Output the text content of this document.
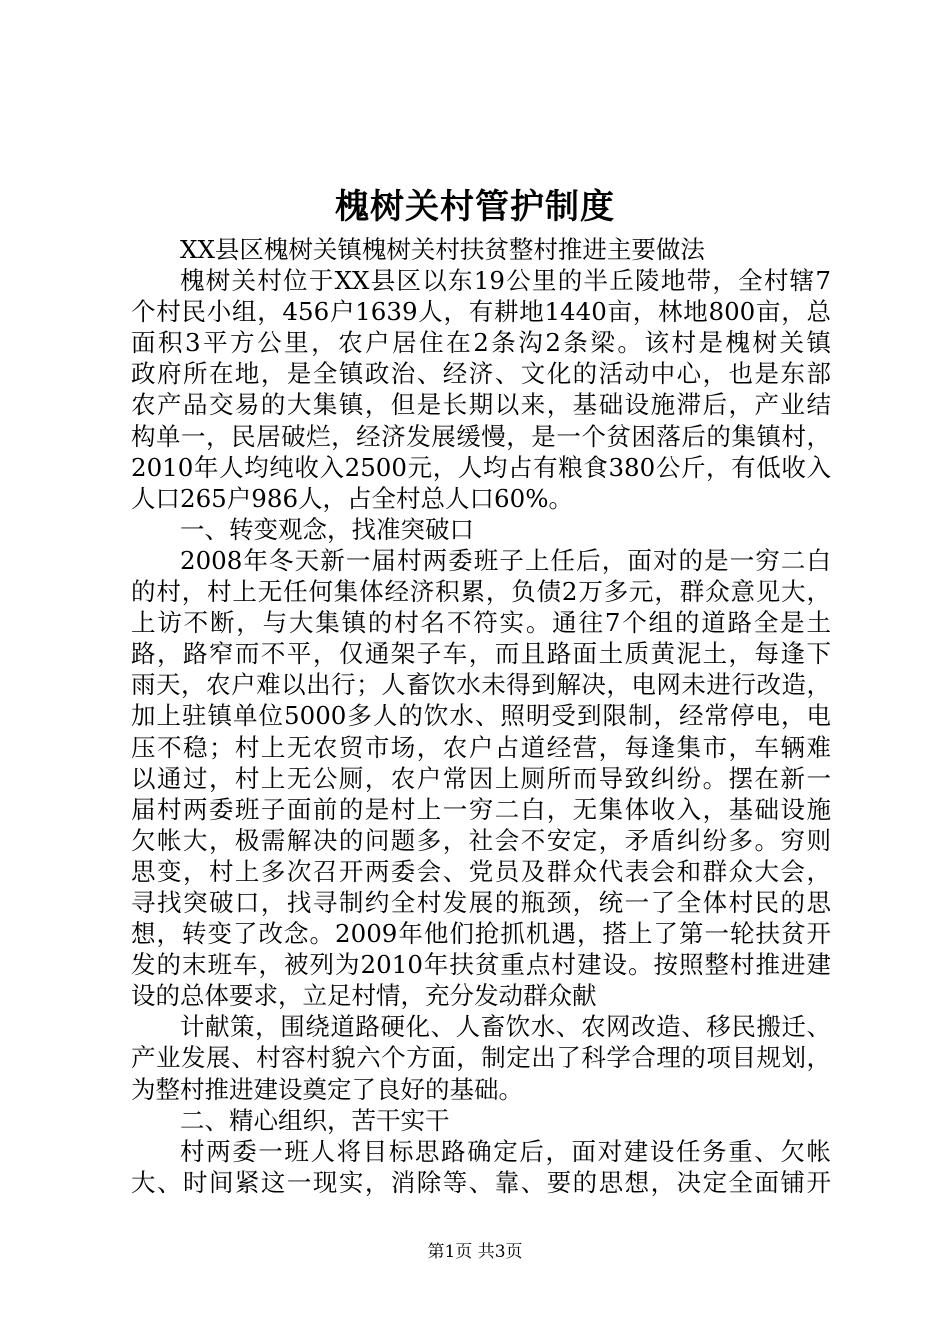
槐树关村管护制度
XX县区槐树关镇槐树关村扶贫整村推进主要做法
槐树关村位于XX县区以东19公里的半丘陵地带，全村辖7
个村民小组，456户1639人，有耕地1440亩，林地800亩，总
面积3平方公里，农户居住在2条沟2条梁。该村是槐树关镇
政府所在地，是全镇政治、经济、文化的活动中心，也是东部
农产品交易的大集镇，但是长期以来，基础设施滞后，产业结
构单一，民居破烂，经济发展缓慢，是一个贫困落后的集镇村，
2010年人均纯收入2500元，人均占有粮食380公斤，有低收入
人口265户986人，占全村总人口60%。
一、转变观念，找准突破口
2008年冬天新一届村两委班子上任后，面对的是一穷二白
的村，村上无任何集体经济积累，负债2万多元，群众意见大，
上访不断，与大集镇的村名不符实。通往7个组的道路全是土
路，路窄而不平，仅通架子车，而且路面土质黄泥土，每逢下
雨天，农户难以出行；人畜饮水未得到解决，电网未进行改造，
加上驻镇单位5000多人的饮水、照明受到限制，经常停电，电
压不稳；村上无农贸市场，农户占道经营，每逢集市，车辆难
以通过，村上无公厕，农户常因上厕所而导致纠纷。摆在新一
届村两委班子面前的是村上一穷二白，无集体收入，基础设施
欠帐大，极需解决的问题多，社会不安定，矛盾纠纷多。穷则
思变，村上多次召开两委会、党员及群众代表会和群众大会，
寻找突破口，找寻制约全村发展的瓶颈，统一了全体村民的思
想，转变了改念。2009年他们抢抓机遇，搭上了第一轮扶贫开
发的末班车，被列为2010年扶贫重点村建设。按照整村推进建
设的总体要求，立足村情，充分发动群众献
计献策，围绕道路硬化、人畜饮水、农网改造、移民搬迁、
产业发展、村容村貌六个方面，制定出了科学合理的项目规划，
为整村推进建设奠定了良好的基础。
二、精心组织，苦干实干
村两委一班人将目标思路确定后，面对建设任务重、欠帐
大、时间紧这一现实，消除等、靠、要的思想，决定全面铺开
第1页 共3页
